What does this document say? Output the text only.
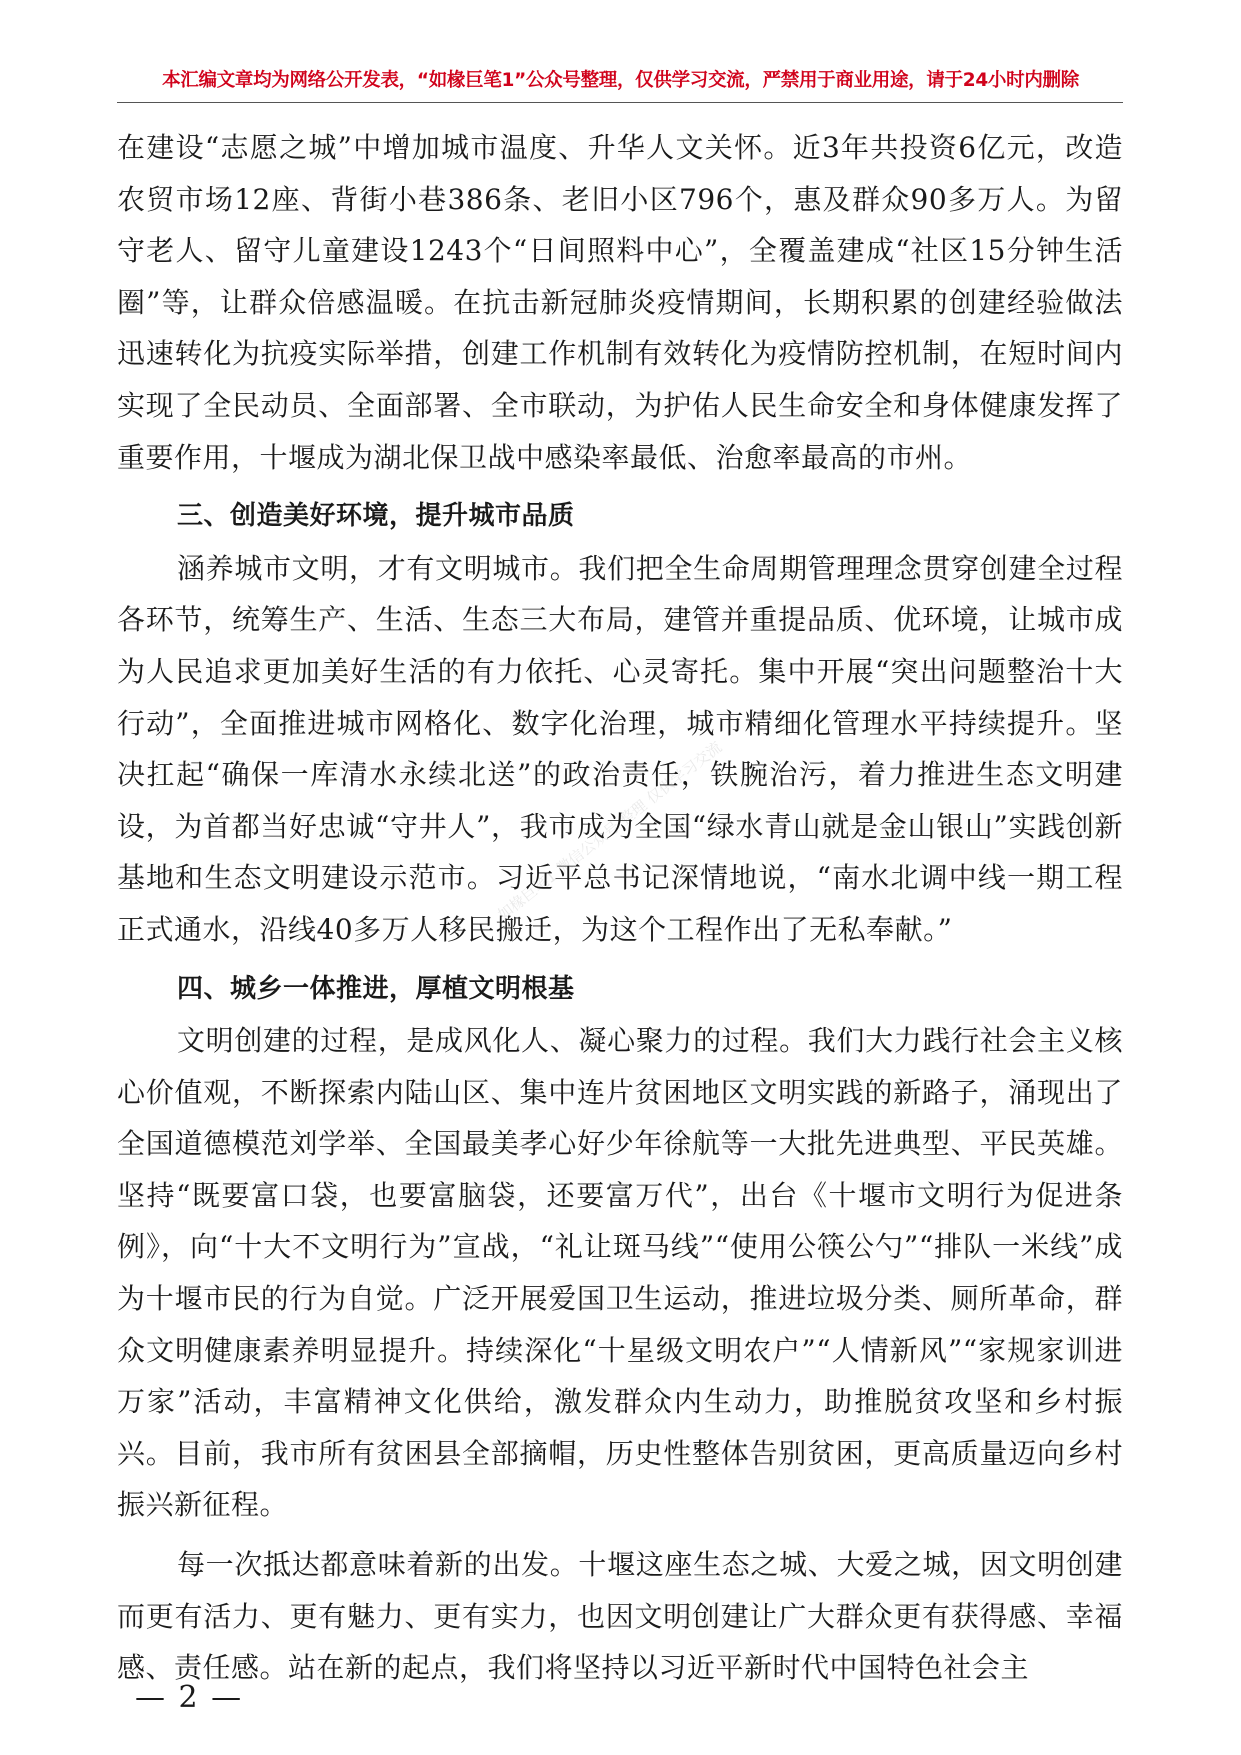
本汇编文章均为网络公开发表，“如椽巨笔1”公众号整理，仅供学习交流，严禁用于商业用途，请于24小时内删除
如椽巨笔1 微信公众号 整理 仅供学习交流

在建设“志愿之城”中增加城市温度、升华人文关怀。近3年共投资6亿元，改造农贸市场12座、背街小巷386条、老旧小区796个，惠及群众90多万人。为留守老人、留守儿童建设1243个“日间照料中心”，全覆盖建成“社区15分钟生活圈”等，让群众倍感温暖。在抗击新冠肺炎疫情期间，长期积累的创建经验做法迅速转化为抗疫实际举措，创建工作机制有效转化为疫情防控机制，在短时间内实现了全民动员、全面部署、全市联动，为护佑人民生命安全和身体健康发挥了重要作用，十堰成为湖北保卫战中感染率最低、治愈率最高的市州。

三、创造美好环境，提升城市品质

涵养城市文明，才有文明城市。我们把全生命周期管理理念贯穿创建全过程各环节，统筹生产、生活、生态三大布局，建管并重提品质、优环境，让城市成为人民追求更加美好生活的有力依托、心灵寄托。集中开展“突出问题整治十大行动”，全面推进城市网格化、数字化治理，城市精细化管理水平持续提升。坚决扛起“确保一库清水永续北送”的政治责任，铁腕治污，着力推进生态文明建设，为首都当好忠诚“守井人”，我市成为全国“绿水青山就是金山银山”实践创新基地和生态文明建设示范市。习近平总书记深情地说，“南水北调中线一期工程正式通水，沿线40多万人移民搬迁，为这个工程作出了无私奉献。”

四、城乡一体推进，厚植文明根基

文明创建的过程，是成风化人、凝心聚力的过程。我们大力践行社会主义核心价值观，不断探索内陆山区、集中连片贫困地区文明实践的新路子，涌现出了全国道德模范刘学举、全国最美孝心好少年徐航等一大批先进典型、平民英雄。坚持“既要富口袋，也要富脑袋，还要富万代”，出台《十堰市文明行为促进条例》，向“十大不文明行为”宣战，“礼让斑马线”“使用公筷公勺”“排队一米线”成为十堰市民的行为自觉。广泛开展爱国卫生运动，推进垃圾分类、厕所革命，群众文明健康素养明显提升。持续深化“十星级文明农户”“人情新风”“家规家训进万家”活动，丰富精神文化供给，激发群众内生动力，助推脱贫攻坚和乡村振兴。目前，我市所有贫困县全部摘帽，历史性整体告别贫困，更高质量迈向乡村振兴新征程。

每一次抵达都意味着新的出发。十堰这座生态之城、大爱之城，因文明创建而更有活力、更有魅力、更有实力，也因文明创建让广大群众更有获得感、幸福感、责任感。站在新的起点，我们将坚持以习近平新时代中国特色社会主

— 2 —
